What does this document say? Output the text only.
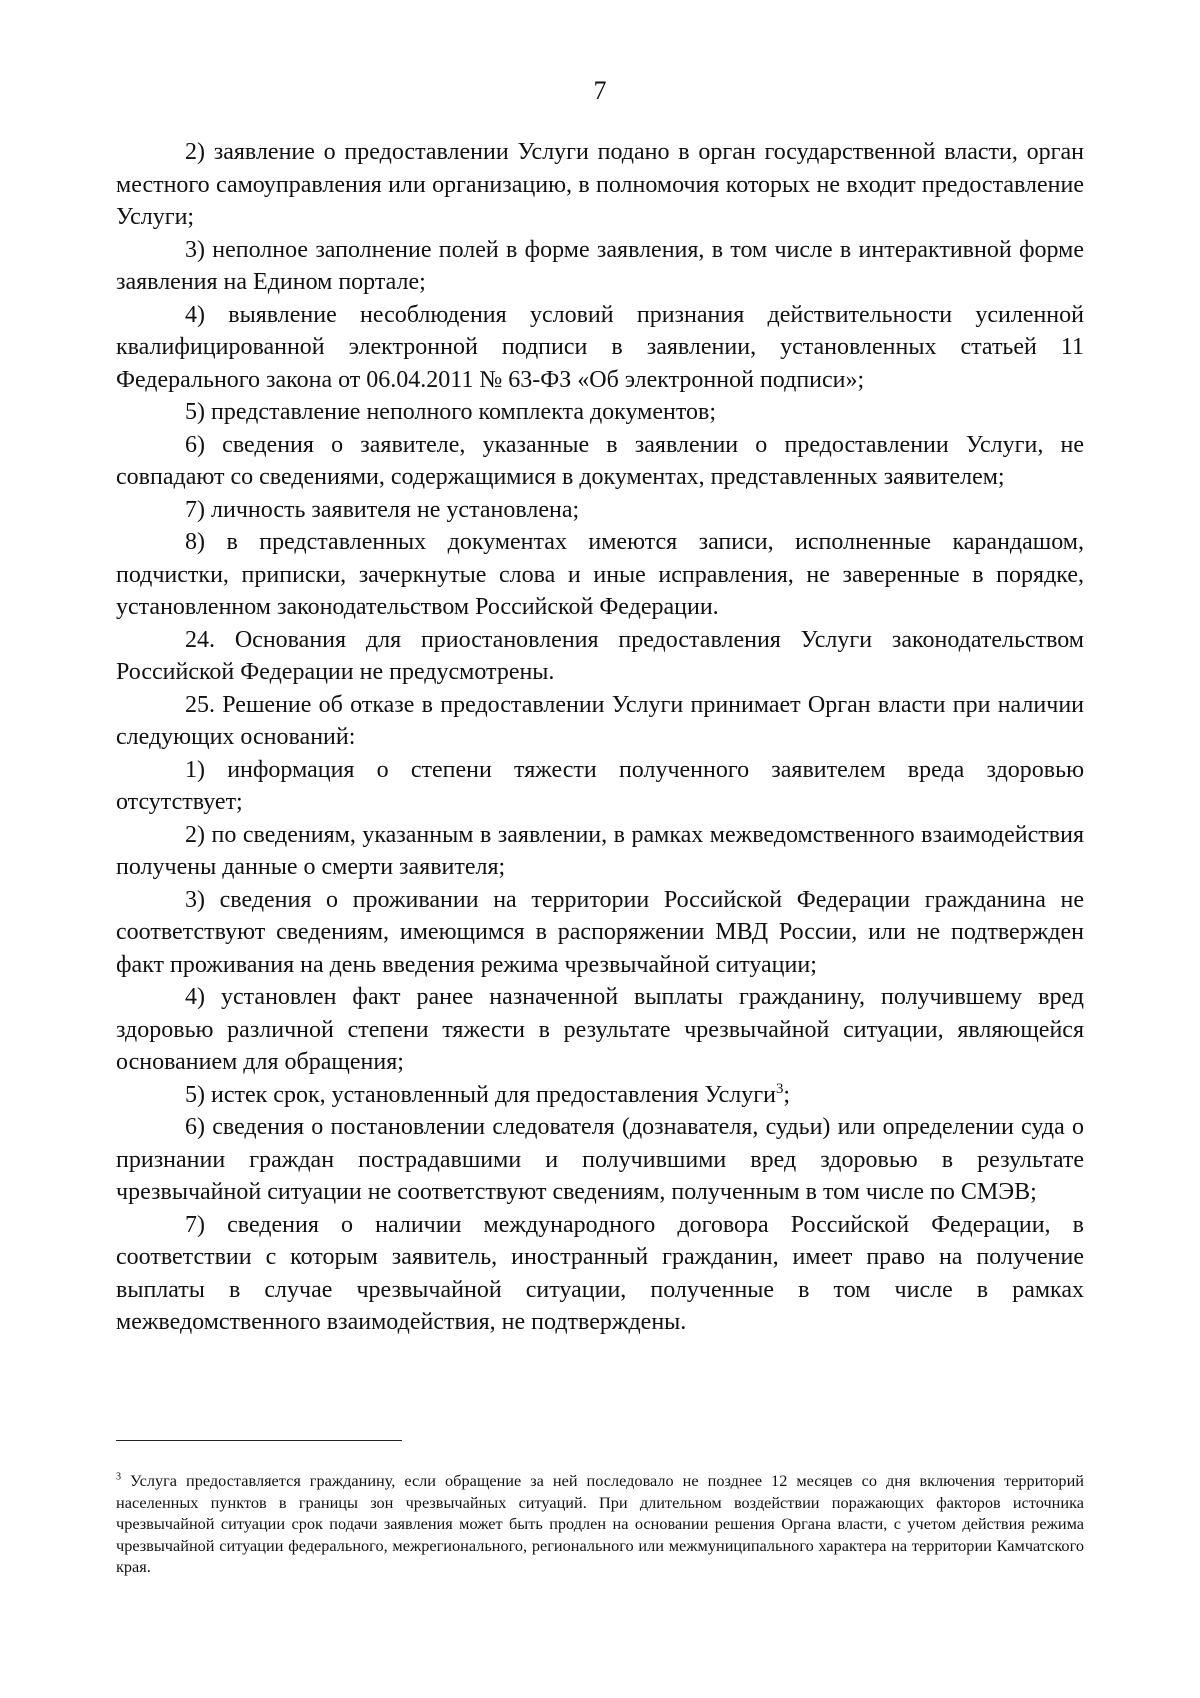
7

2) заявление о предоставлении Услуги подано в орган государственной власти, орган местного самоуправления или организацию, в полномочия которых не входит предоставление Услуги;

3) неполное заполнение полей в форме заявления, в том числе в интерактивной форме заявления на Едином портале;

4) выявление несоблюдения условий признания действительности усиленной квалифицированной электронной подписи в заявлении, установленных статьей 11 Федерального закона от 06.04.2011 № 63-ФЗ «Об электронной подписи»;

5) представление неполного комплекта документов;

6) сведения о заявителе, указанные в заявлении о предоставлении Услуги, не совпадают со сведениями, содержащимися в документах, представленных заявителем;

7) личность заявителя не установлена;

8) в представленных документах имеются записи, исполненные карандашом, подчистки, приписки, зачеркнутые слова и иные исправления, не заверенные в порядке, установленном законодательством Российской Федерации.

24. Основания для приостановления предоставления Услуги законодательством Российской Федерации не предусмотрены.

25. Решение об отказе в предоставлении Услуги принимает Орган власти при наличии следующих оснований:

1) информация о степени тяжести полученного заявителем вреда здоровью отсутствует;

2) по сведениям, указанным в заявлении, в рамках межведомственного взаимодействия получены данные о смерти заявителя;

3) сведения о проживании на территории Российской Федерации гражданина не соответствуют сведениям, имеющимся в распоряжении МВД России, или не подтвержден факт проживания на день введения режима чрезвычайной ситуации;

4) установлен факт ранее назначенной выплаты гражданину, получившему вред здоровью различной степени тяжести в результате чрезвычайной ситуации, являющейся основанием для обращения;

5) истек срок, установленный для предоставления Услуги$^3$;

6) сведения о постановлении следователя (дознавателя, судьи) или определении суда о признании граждан пострадавшими и получившими вред здоровью в результате чрезвычайной ситуации не соответствуют сведениям, полученным в том числе по СМЭВ;

7) сведения о наличии международного договора Российской Федерации, в соответствии с которым заявитель, иностранный гражданин, имеет право на получение выплаты в случае чрезвычайной ситуации, полученные в том числе в рамках межведомственного взаимодействия, не подтверждены.

$^3$ Услуга предоставляется гражданину, если обращение за ней последовало не позднее 12 месяцев со дня включения территорий населенных пунктов в границы зон чрезвычайных ситуаций. При длительном воздействии поражающих факторов источника чрезвычайной ситуации срок подачи заявления может быть продлен на основании решения Органа власти, с учетом действия режима чрезвычайной ситуации федерального, межрегионального, регионального или межмуниципального характера на территории Камчатского края.
